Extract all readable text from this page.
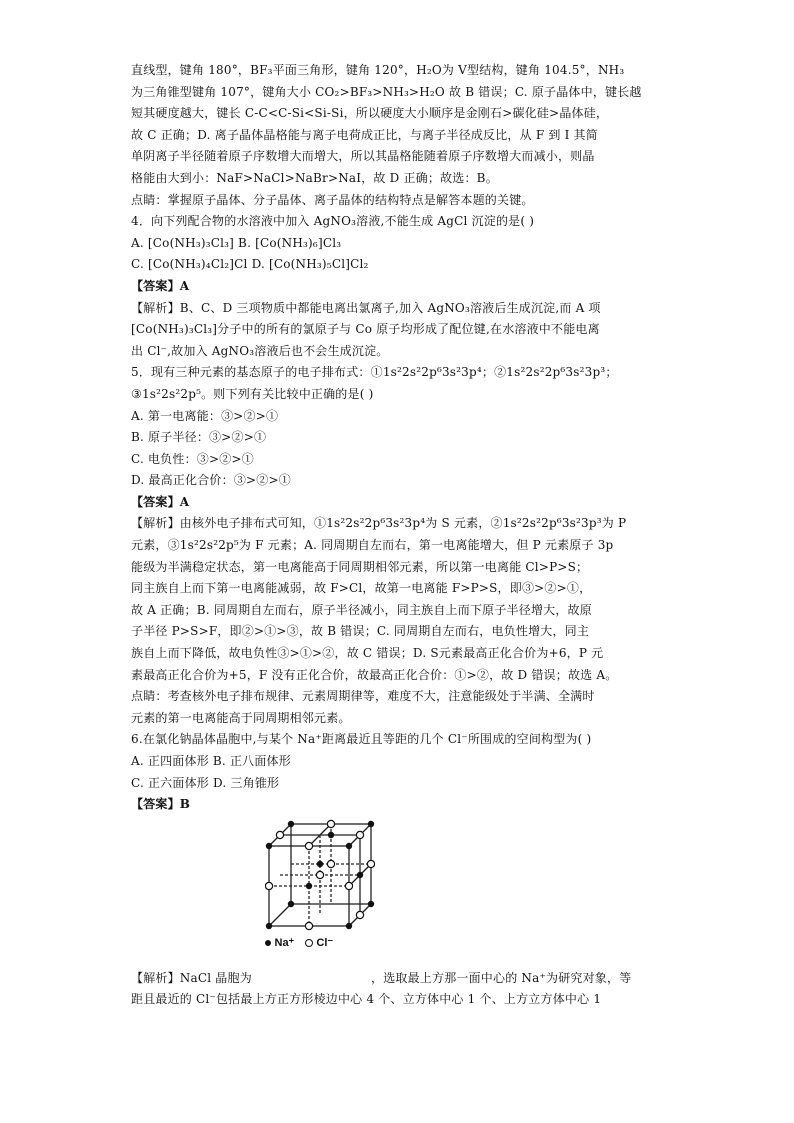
直线型，键角 180°，BF₃平面三角形，键角 120°，H₂O为 V型结构，键角 104.5°，NH₃
为三角锥型键角 107°，键角大小 CO₂>BF₃>NH₃>H₂O 故 B 错误；C. 原子晶体中，键长越
短其硬度越大，键长 C-C<C-Si<Si-Si，所以硬度大小顺序是金刚石>碳化硅>晶体硅，
故 C 正确；D. 离子晶体晶格能与离子电荷成正比，与离子半径成反比，从 F 到 I 其简
单阴离子半径随着原子序数增大而增大，所以其晶格能随着原子序数增大而减小，则晶
格能由大到小：NaF>NaCl>NaBr>NaI，故 D 正确；故选：B。
点睛：掌握原子晶体、分子晶体、离子晶体的结构特点是解答本题的关键。
4．向下列配合物的水溶液中加入 AgNO₃溶液,不能生成 AgCl 沉淀的是( )
A. [Co(NH₃)₃Cl₃] B. [Co(NH₃)₆]Cl₃
C. [Co(NH₃)₄Cl₂]Cl D. [Co(NH₃)₅Cl]Cl₂
【答案】A
【解析】B、C、D 三项物质中都能电离出氯离子,加入 AgNO₃溶液后生成沉淀,而 A 项
[Co(NH₃)₃Cl₃]分子中的所有的氯原子与 Co 原子均形成了配位键,在水溶液中不能电离
出 Cl⁻,故加入 AgNO₃溶液后也不会生成沉淀。
5．现有三种元素的基态原子的电子排布式：①1s²2s²2p⁶3s²3p⁴；②1s²2s²2p⁶3s²3p³；
③1s²2s²2p⁵。则下列有关比较中正确的是( )
A. 第一电离能：③>②>①
B. 原子半径：③>②>①
C. 电负性：③>②>①
D. 最高正化合价：③>②>①
【答案】A
【解析】由核外电子排布式可知，①1s²2s²2p⁶3s²3p⁴为 S 元素，②1s²2s²2p⁶3s²3p³为 P
元素，③1s²2s²2p⁵为 F 元素；A. 同周期自左而右，第一电离能增大，但 P 元素原子 3p
能级为半满稳定状态，第一电离能高于同周期相邻元素，所以第一电离能 Cl>P>S；
同主族自上而下第一电离能减弱，故 F>Cl，故第一电离能 F>P>S，即③>②>①，
故 A 正确；B. 同周期自左而右，原子半径减小，同主族自上而下原子半径增大，故原
子半径 P>S>F，即②>①>③，故 B 错误；C. 同周期自左而右，电负性增大，同主
族自上而下降低，故电负性③>①>②，故 C 错误；D. S元素最高正化合价为+6，P 元
素最高正化合价为+5，F 没有正化合价，故最高正化合价：①>②，故 D 错误；故选 A。
点睛：考查核外电子排布规律、元素周期律等，难度不大，注意能级处于半满、全满时
元素的第一电离能高于同周期相邻元素。
6.在氯化钠晶体晶胞中,与某个 Na⁺距离最近且等距的几个 Cl⁻所围成的空间构型为( )
A. 正四面体形 B. 正八面体形
C. 正六面体形 D. 三角锥形
【答案】B
Na⁺ Cl⁻
【解析】NaCl 晶胞为	，选取最上方那一面中心的 Na⁺为研究对象，等
距且最近的 Cl⁻包括最上方正方形棱边中心 4 个、立方体中心 1 个、上方立方体中心 1
